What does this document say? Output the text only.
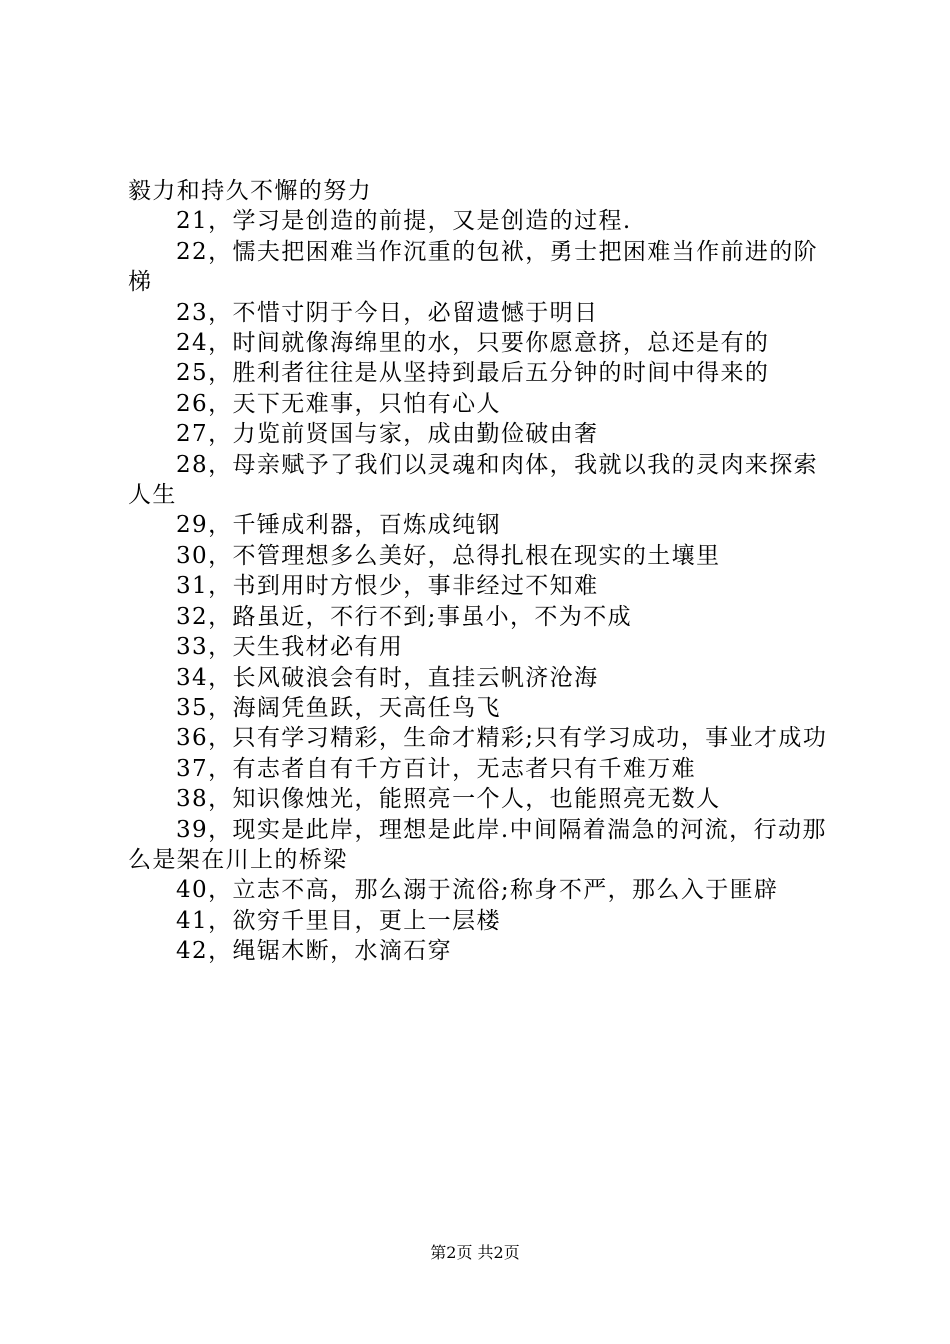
毅力和持久不懈的努力

21，学习是创造的前提，又是创造的过程.

22，懦夫把困难当作沉重的包袱，勇士把困难当作前进的阶梯

23，不惜寸阴于今日，必留遗憾于明日

24，时间就像海绵里的水，只要你愿意挤，总还是有的

25，胜利者往往是从坚持到最后五分钟的时间中得来的

26，天下无难事，只怕有心人

27，力览前贤国与家，成由勤俭破由奢

28，母亲赋予了我们以灵魂和肉体，我就以我的灵肉来探索人生

29，千锤成利器，百炼成纯钢

30，不管理想多么美好，总得扎根在现实的土壤里

31，书到用时方恨少，事非经过不知难

32，路虽近，不行不到;事虽小，不为不成

33，天生我材必有用

34，长风破浪会有时，直挂云帆济沧海

35，海阔凭鱼跃，天高任鸟飞

36，只有学习精彩，生命才精彩;只有学习成功，事业才成功

37，有志者自有千方百计，无志者只有千难万难

38，知识像烛光，能照亮一个人，也能照亮无数人

39，现实是此岸，理想是此岸.中间隔着湍急的河流，行动那么是架在川上的桥梁

40，立志不高，那么溺于流俗;称身不严，那么入于匪辟

41，欲穷千里目，更上一层楼

42，绳锯木断，水滴石穿

第2页 共2页
